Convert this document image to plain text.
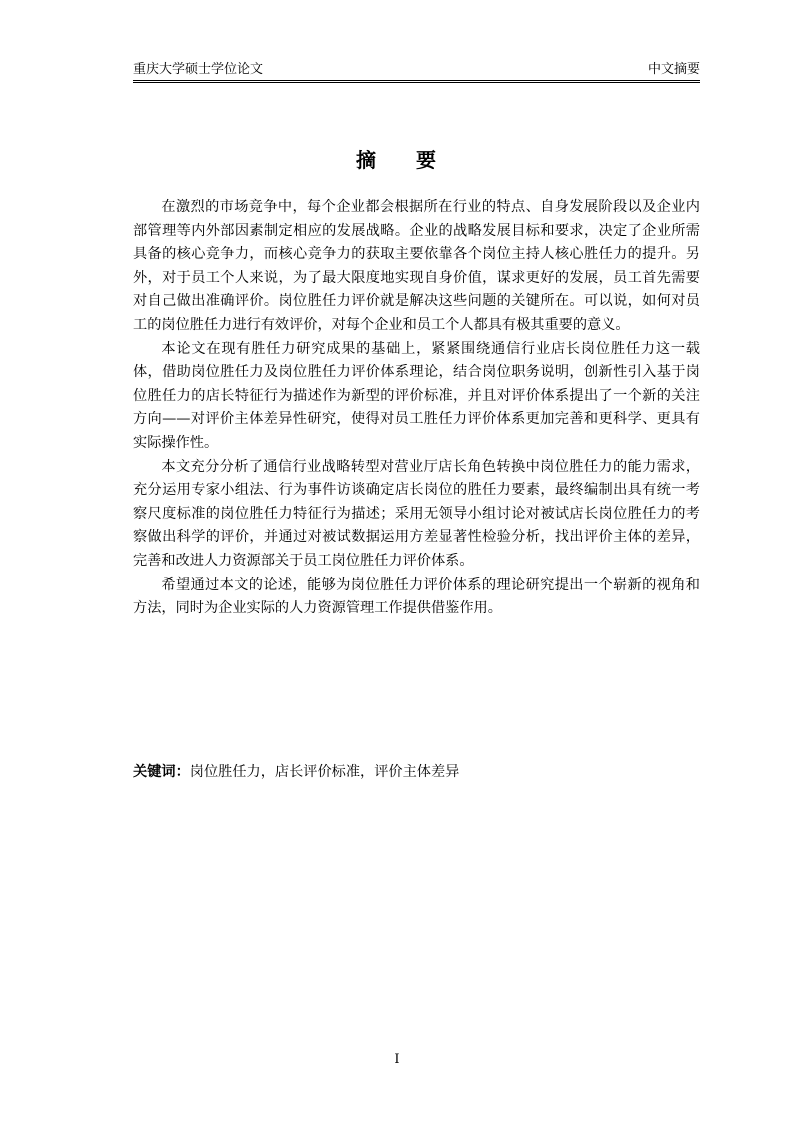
重庆大学硕士学位论文	中文摘要
摘 要

在激烈的市场竞争中，每个企业都会根据所在行业的特点、自身发展阶段以及企业内部管理等内外部因素制定相应的发展战略。企业的战略发展目标和要求，决定了企业所需具备的核心竞争力，而核心竞争力的获取主要依靠各个岗位主持人核心胜任力的提升。另外，对于员工个人来说，为了最大限度地实现自身价值，谋求更好的发展，员工首先需要对自己做出准确评价。岗位胜任力评价就是解决这些问题的关键所在。可以说，如何对员工的岗位胜任力进行有效评价，对每个企业和员工个人都具有极其重要的意义。

本论文在现有胜任力研究成果的基础上，紧紧围绕通信行业店长岗位胜任力这一载体，借助岗位胜任力及岗位胜任力评价体系理论，结合岗位职务说明，创新性引入基于岗位胜任力的店长特征行为描述作为新型的评价标准，并且对评价体系提出了一个新的关注方向——对评价主体差异性研究，使得对员工胜任力评价体系更加完善和更科学、更具有实际操作性。

本文充分分析了通信行业战略转型对营业厅店长角色转换中岗位胜任力的能力需求，充分运用专家小组法、行为事件访谈确定店长岗位的胜任力要素，最终编制出具有统一考察尺度标准的岗位胜任力特征行为描述；采用无领导小组讨论对被试店长岗位胜任力的考察做出科学的评价，并通过对被试数据运用方差显著性检验分析，找出评价主体的差异，完善和改进人力资源部关于员工岗位胜任力评价体系。

希望通过本文的论述，能够为岗位胜任力评价体系的理论研究提出一个崭新的视角和方法，同时为企业实际的人力资源管理工作提供借鉴作用。

关键词：岗位胜任力，店长评价标准，评价主体差异
I
